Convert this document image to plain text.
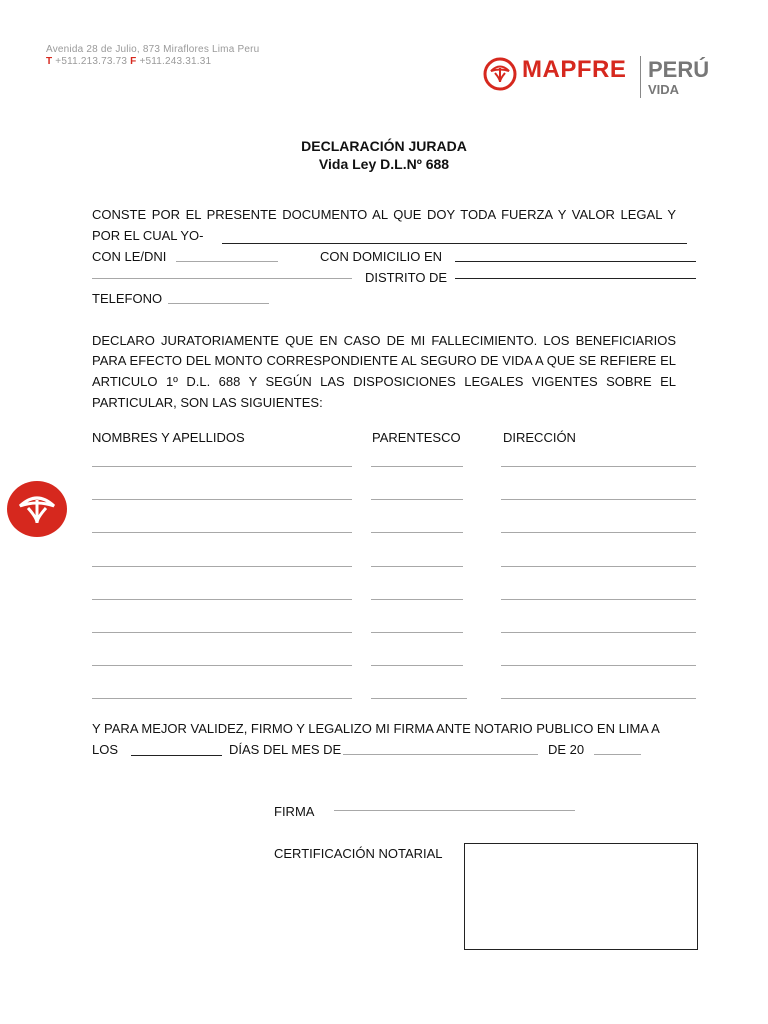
Avenida 28 de Julio, 873 Miraflores Lima Peru
T +511.213.73.73 F +511.243.31.31	MAPFRE PERÚ
VIDA
DECLARACIÓN JURADA
Vida Ley D.L.Nº 688
CONSTE POR EL PRESENTE DOCUMENTO AL QUE DOY TODA FUERZA Y VALOR LEGAL Y
POR EL CUAL YO-
CON LE/DNI	CON DOMICILIO EN
DISTRITO DE
TELEFONO
DECLARO JURATORIAMENTE QUE EN CASO DE MI FALLECIMIENTO. LOS BENEFICIARIOS
PARA EFECTO DEL MONTO CORRESPONDIENTE AL SEGURO DE VIDA A QUE SE REFIERE EL
ARTICULO 1º D.L. 688 Y SEGÚN LAS DISPOSICIONES LEGALES VIGENTES SOBRE EL
PARTICULAR, SON LAS SIGUIENTES:
NOMBRES Y APELLIDOS	PARENTESCO	DIRECCIÓN
Y PARA MEJOR VALIDEZ, FIRMO Y LEGALIZO MI FIRMA ANTE NOTARIO PUBLICO EN LIMA A
LOS	DÍAS DEL MES DE	DE 20
FIRMA
CERTIFICACIÓN NOTARIAL
